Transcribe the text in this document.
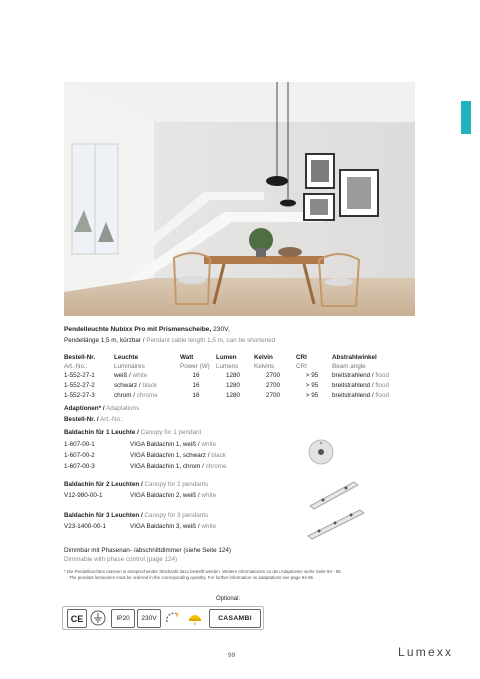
Pendelleuchte Nubixx Pro mit Prismenscheibe, 230V,
Pendellänge 1,5 m, kürzbar / Pendant cable length 1,5 m, can be shortened
Bestell-Nr.	Leuchte	Watt	Lumen	Kelvin	CRI	Abstrahlwinkel
Art.-No.:	Luminaires	Power (W)	Lumens	Kelvins	CRI	Beam angle
1-552-27-1	weiß / white	16	1280	2700	> 95	breitstrahlend / flood
1-552-27-2	schwarz / black	16	1280	2700	> 95	breitstrahlend / flood
1-552-27-3	chrom / chrome	16	1280	2700	> 95	breitstrahlend / flood
Adaptionen* / Adaptations
Bestell-Nr. / Art.-No.:
Baldachin für 1 Leuchte / Canopy for 1 pendant
1-607-00-1	VIGA Baldachin 1, weiß / white
1-607-00-2	VIGA Baldachin 1, schwarz / black
1-607-00-3	VIGA Baldachin 1, chrom / chrome
Baldachin für 2 Leuchten / Canopy for 2 pendants
V12-980-00-1	VIGA Baldachin 2, weiß / white
Baldachin für 3 Leuchten / Canopy for 3 pendants
V23-1400-00-1	VIGA Baldachin 3, weiß / white
Dimmbar mit Phasenan- /abschnittdimmer (siehe Seite 124)
Dimmable with phase control (page 124)
* Die Pendelleuchten müssen in entsprechender Stückzahl dazu bestellt werden. Weitere Informationen zu den Adaptionen siehe Seite 94 - 95
The pendant luminaires must be ordered in the corresponding quantity. For further information on adaptations see page 94-95
Optional:
CE	IP20 230V	CASAMBI
99	Lumexx
